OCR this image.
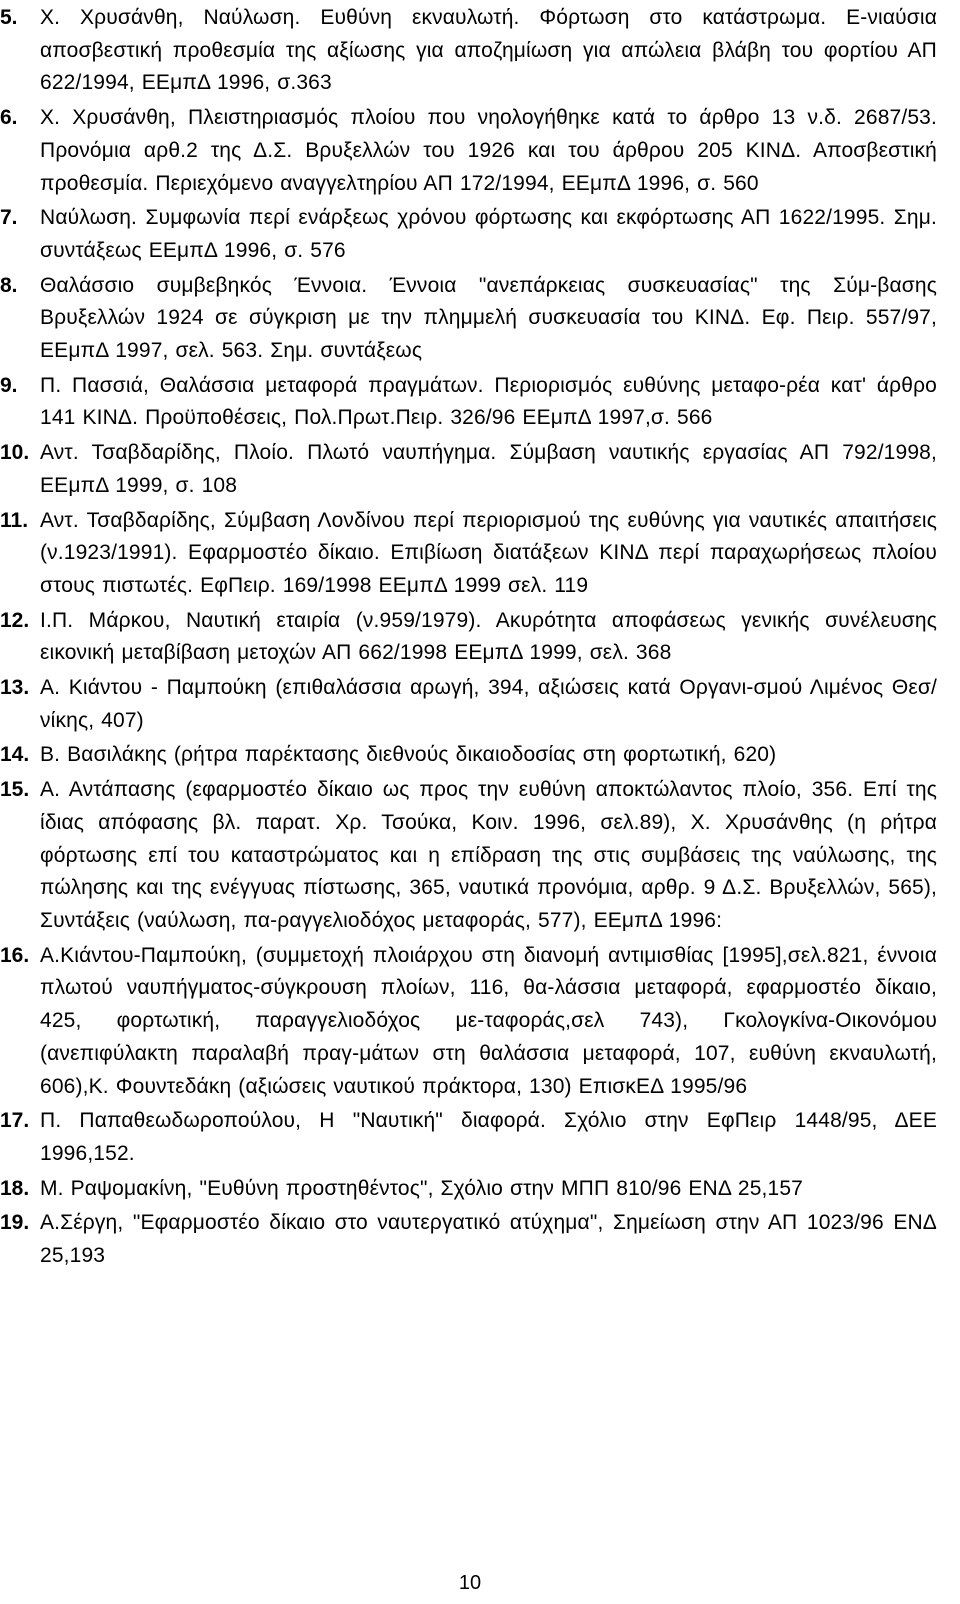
5.	Χ. Χρυσάνθη, Ναύλωση. Ευθύνη εκναυλωτή. Φόρτωση στο κατάστρωμα. Ε-νιαύσια αποσβεστική προθεσμία της αξίωσης για αποζημίωση για απώλεια βλάβη του φορτίου ΑΠ 622/1994, ΕΕμπΔ 1996, σ.363
6.	Χ. Χρυσάνθη, Πλειστηριασμός πλοίου που νηολογήθηκε κατά το άρθρο 13 ν.δ. 2687/53. Προνόμια αρθ.2 της Δ.Σ. Βρυξελλών του 1926 και του άρθρου 205 ΚΙΝΔ. Αποσβεστική προθεσμία. Περιεχόμενο αναγγελτηρίου ΑΠ 172/1994, ΕΕμπΔ 1996, σ. 560
7.	Ναύλωση. Συμφωνία περί ενάρξεως χρόνου φόρτωσης και εκφόρτωσης ΑΠ 1622/1995. Σημ. συντάξεως ΕΕμπΔ 1996, σ. 576
8.	Θαλάσσιο συμβεβηκός Έννοια. Έννοια "ανεπάρκειας συσκευασίας" της Σύμ-βασης Βρυξελλών 1924 σε σύγκριση με την πλημμελή συσκευασία του ΚΙΝΔ. Εφ. Πειρ. 557/97, ΕΕμπΔ 1997, σελ. 563. Σημ. συντάξεως
9.	Π. Πασσιά, Θαλάσσια μεταφορά πραγμάτων. Περιορισμός ευθύνης μεταφο-ρέα κατ' άρθρο 141 ΚΙΝΔ. Προϋποθέσεις, Πολ.Πρωτ.Πειρ. 326/96 ΕΕμπΔ 1997,σ. 566
10. Αντ. Τσαβδαρίδης, Πλοίο. Πλωτό ναυπήγημα. Σύμβαση ναυτικής εργασίας ΑΠ 792/1998, ΕΕμπΔ 1999, σ. 108
11. Αντ. Τσαβδαρίδης, Σύμβαση Λονδίνου περί περιορισμού της ευθύνης για ναυτικές απαιτήσεις (ν.1923/1991). Εφαρμοστέο δίκαιο. Επιβίωση διατάξεων ΚΙΝΔ περί παραχωρήσεως πλοίου στους πιστωτές. ΕφΠειρ. 169/1998 ΕΕμπΔ 1999 σελ. 119
12. Ι.Π. Μάρκου, Ναυτική εταιρία (ν.959/1979). Ακυρότητα αποφάσεως γενικής συνέλευσης εικονική μεταβίβαση μετοχών ΑΠ 662/1998 ΕΕμπΔ 1999, σελ. 368
13. Α. Κιάντου - Παμπούκη (επιθαλάσσια αρωγή, 394, αξιώσεις κατά Οργανι-σμού Λιμένος Θεσ/νίκης, 407)
14. Β. Βασιλάκης (ρήτρα παρέκτασης διεθνούς δικαιοδοσίας στη φορτωτική, 620)
15. Α. Αντάπασης (εφαρμοστέο δίκαιο ως προς την ευθύνη αποκτώλαντος πλοίο, 356. Επί της ίδιας απόφασης βλ. παρατ. Χρ. Τσούκα, Κοιν. 1996, σελ.89), Χ. Χρυσάνθης (η ρήτρα φόρτωσης επί του καταστρώματος και η επίδραση της στις συμβάσεις της ναύλωσης, της πώλησης και της ενέγγυας πίστωσης, 365, ναυτικά προνόμια, αρθρ. 9 Δ.Σ. Βρυξελλών, 565), Συντάξεις (ναύλωση, πα-ραγγελιοδόχος μεταφοράς, 577), ΕΕμπΔ 1996:
16. Α.Κιάντου-Παμπούκη, (συμμετοχή πλοιάρχου στη διανομή αντιμισθίας [1995],σελ.821, έννοια πλωτού ναυπήγματος-σύγκρουση πλοίων, 116, θα-λάσσια μεταφορά, εφαρμοστέο δίκαιο, 425, φορτωτική, παραγγελιοδόχος με-ταφοράς,σελ 743), Γκολογκίνα-Οικονόμου (ανεπιφύλακτη παραλαβή πραγ-μάτων στη θαλάσσια μεταφορά, 107, ευθύνη εκναυλωτή, 606),Κ. Φουντεδάκη (αξιώσεις ναυτικού πράκτορα, 130) ΕπισκΕΔ 1995/96
17. Π. Παπαθεωδωροπούλου, Η "Ναυτική" διαφορά. Σχόλιο στην ΕφΠειρ 1448/95, ΔΕΕ 1996,152.
18. Μ. Ραψομακίνη, "Ευθύνη προστηθέντος", Σχόλιο στην ΜΠΠ 810/96 ΕΝΔ 25,157
19. Α.Σέργη, "Εφαρμοστέο δίκαιο στο ναυτεργατικό ατύχημα", Σημείωση στην ΑΠ 1023/96 ΕΝΔ 25,193
10
